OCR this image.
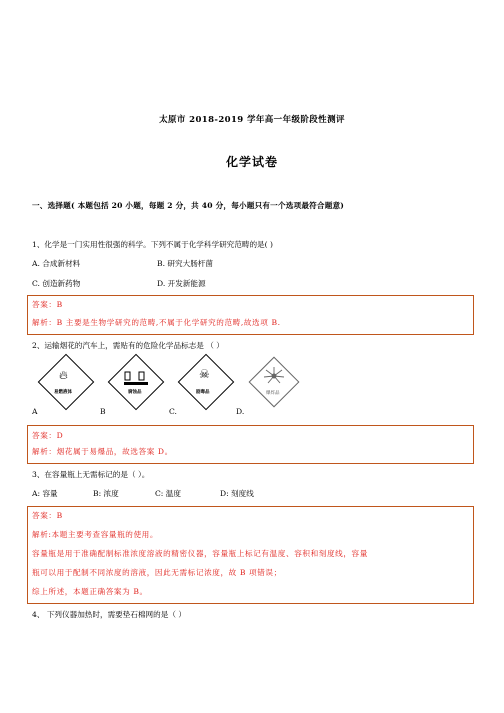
太原市 2018-2019 学年高一年级阶段性测评
化学试卷
一、选择题( 本题包括 20 小题，每题 2 分，共 40 分，每小题只有一个选项最符合题意)
1、化学是一门实用性很强的科学。下列不属于化学科学研究范畴的是( )
A. 合成新材料	B. 研究大肠杆菌
C. 创造新药物	D. 开发新能源
答案：B
解析：B 主要是生物学研究的范畴,不属于化学研究的范畴,故选项 B.
2、运输烟花的汽车上，需贴有的危险化学品标志是 （ ）
🔥︎
易燃液体	腐蚀品
☠︎
剧毒品	爆炸品
A	B	C.	D.
答案：D
解析：烟花属于易爆品，故选答案 D。
3、在容量瓶上无需标记的是（ ）。
A: 容量	B: 浓度	C: 温度	D: 刻度线
答案：B
解析:本题主要考查容量瓶的使用。
容量瓶是用于准确配制标准浓度溶液的精密仪器，容量瓶上标记有温度、容积和刻度线，容量
瓶可以用于配制不同浓度的溶液，因此无需标记浓度，故 B 项错误；
综上所述，本题正确答案为 B。
4、 下列仪器加热时，需要垫石棉网的是（ ）
